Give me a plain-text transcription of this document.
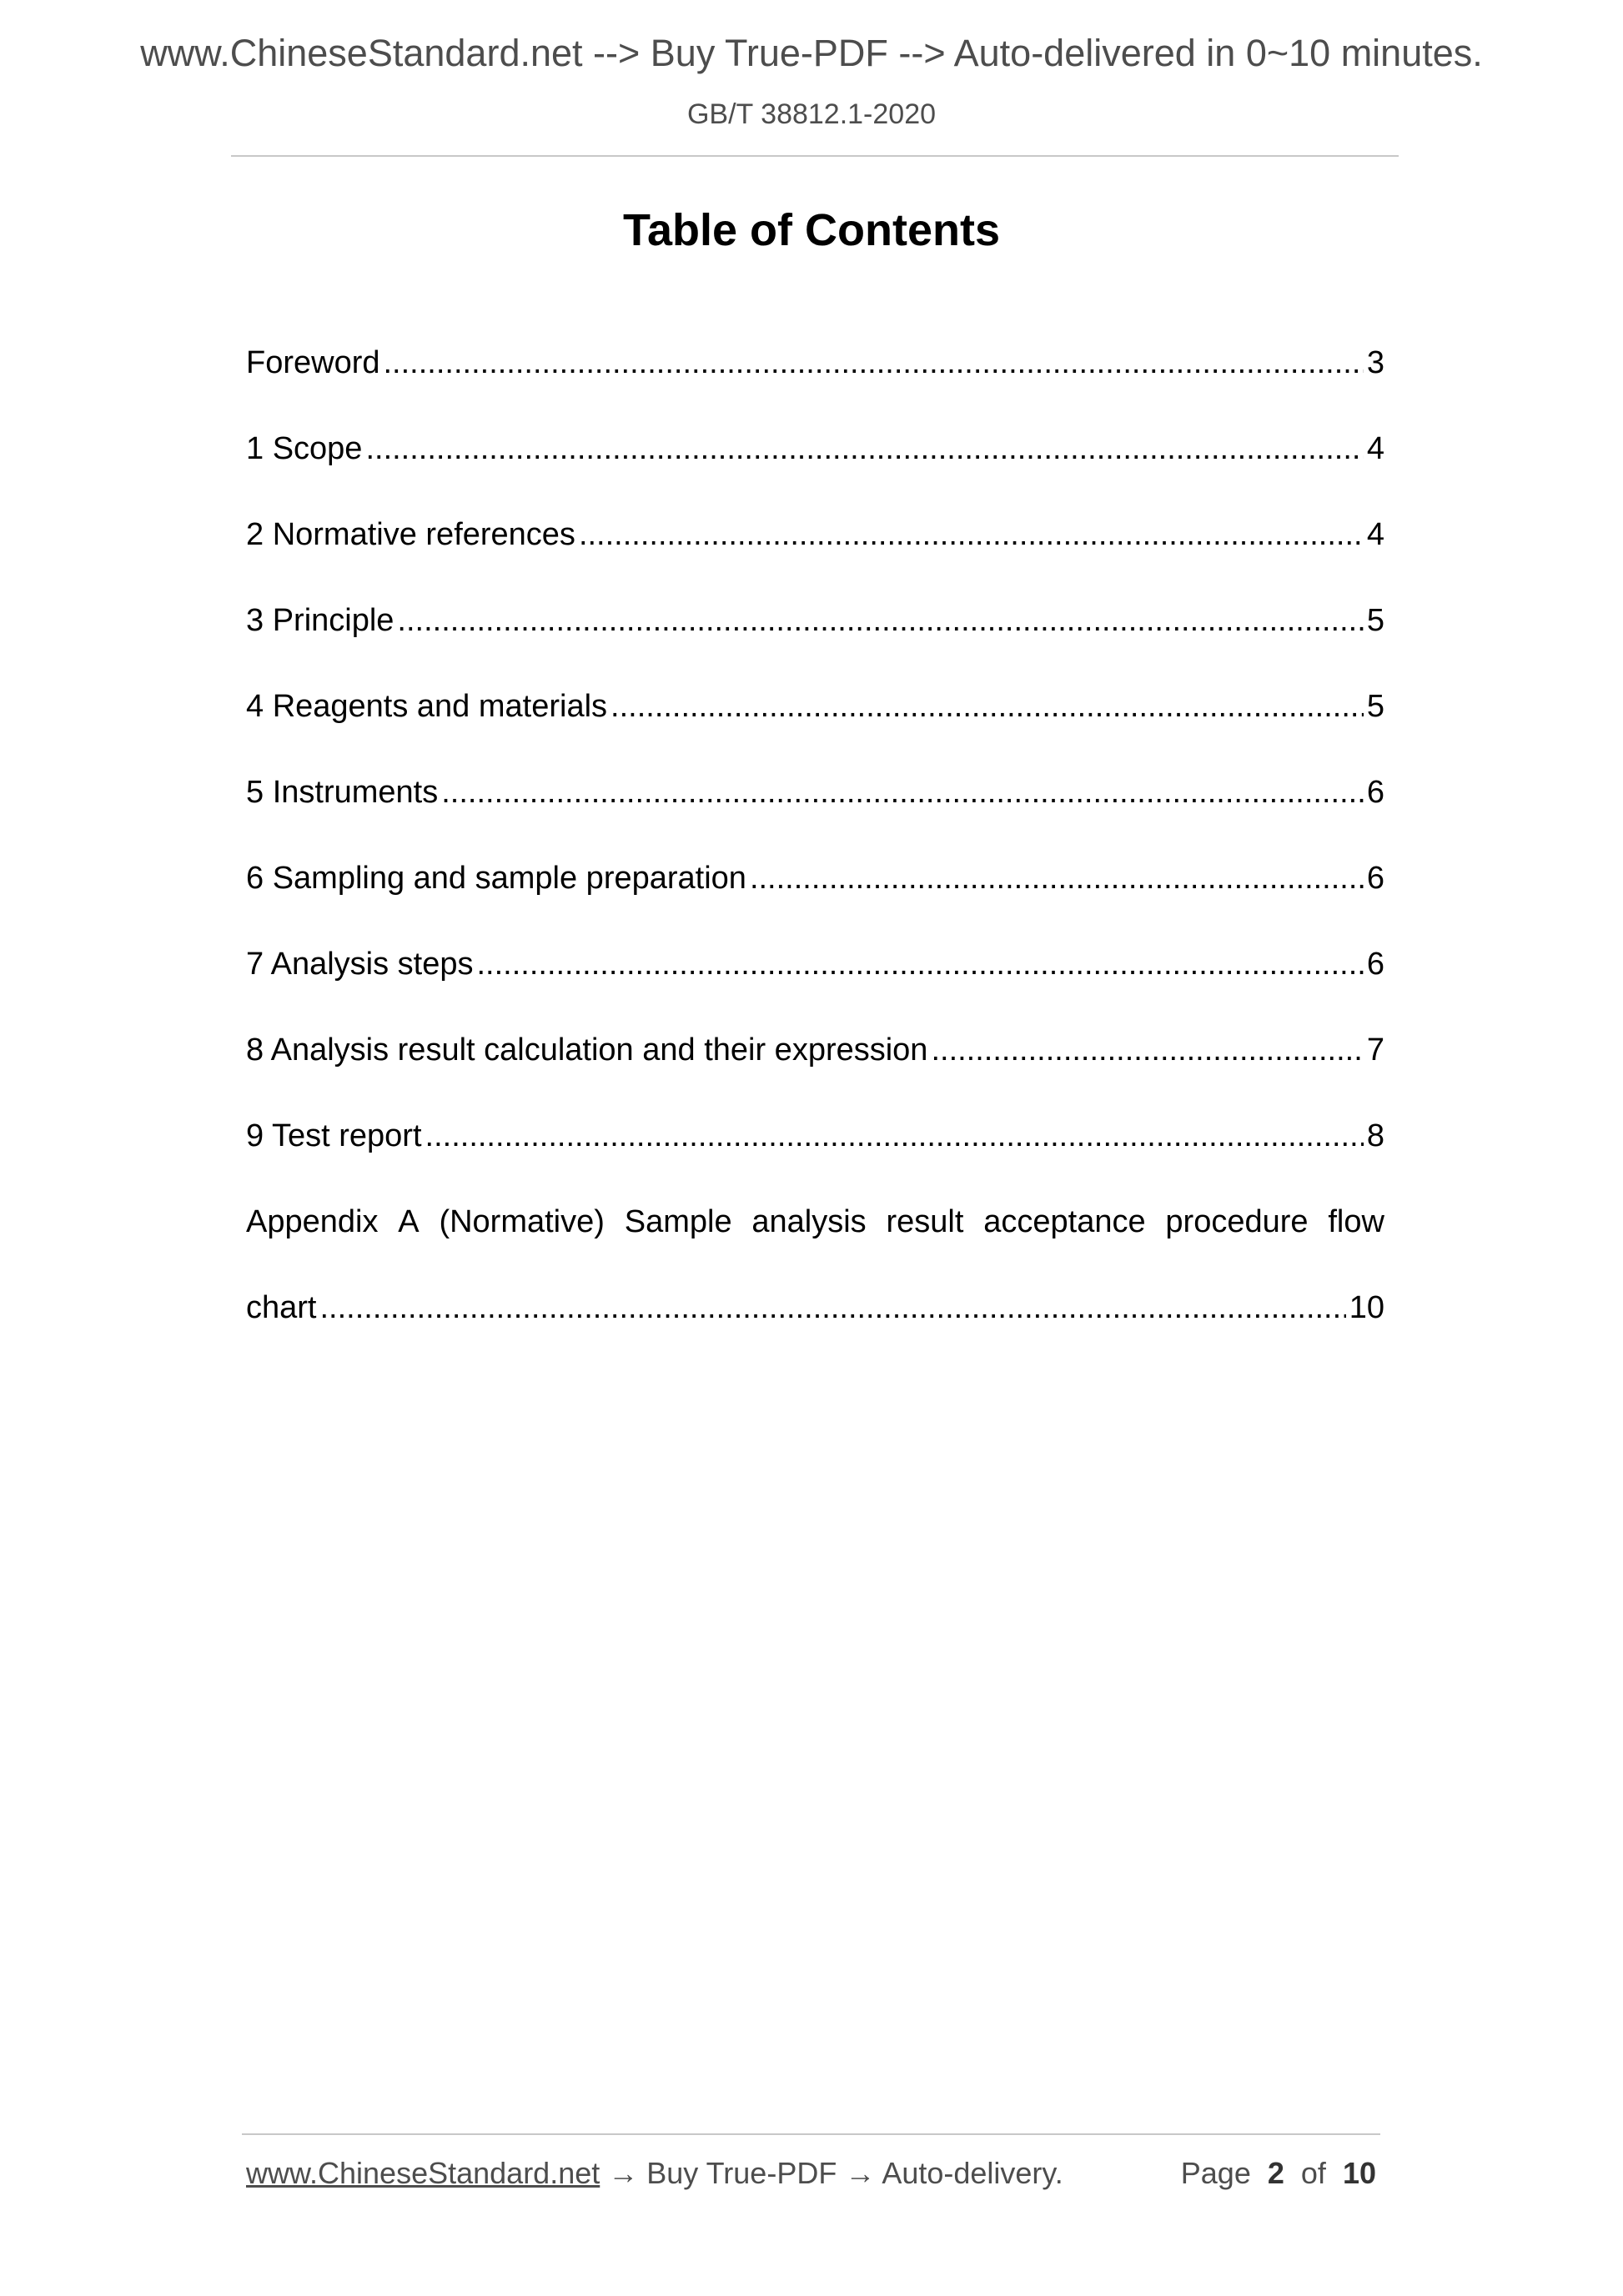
www.ChineseStandard.net --> Buy True-PDF --> Auto-delivered in 0~10 minutes.
GB/T 38812.1-2020
Table of Contents
Foreword .....	3
1 Scope .....	4
2 Normative references .....	4
3 Principle .....	5
4 Reagents and materials .....	5
5 Instruments .....	6
6 Sampling and sample preparation .....	6
7 Analysis steps .....	6
8 Analysis result calculation and their expression .....	7
9 Test report .....	8
Appendix A (Normative) Sample analysis result acceptance procedure flow
chart .....	10
www.ChineseStandard.net → Buy True-PDF → Auto-delivery.	Page 2 of 10
